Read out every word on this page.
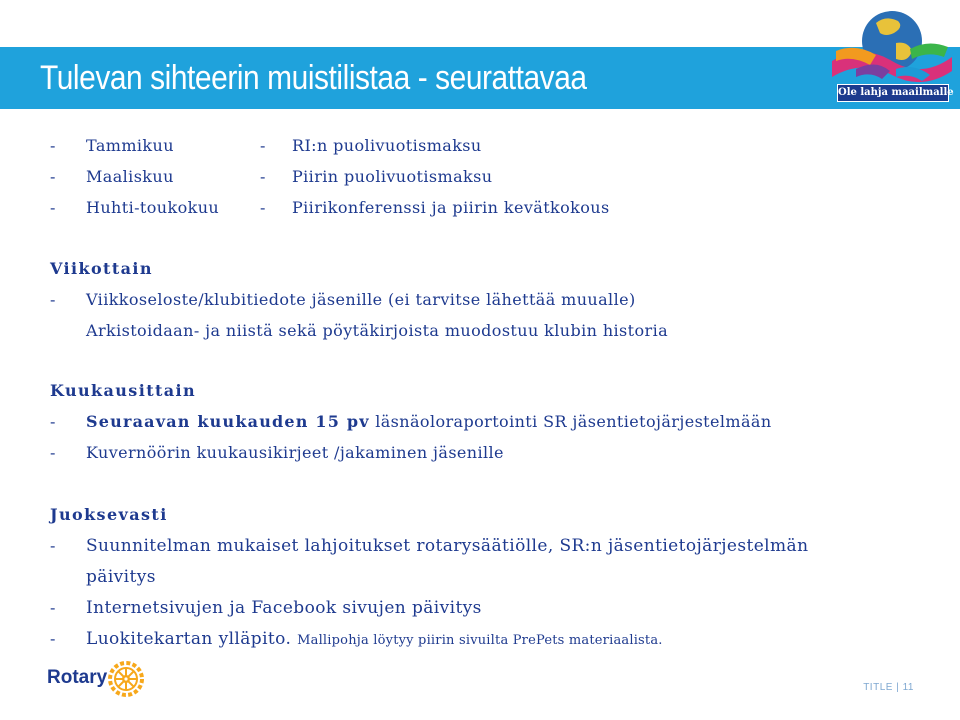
Tulevan sihteerin muistilistaa - seurattavaa	Ole lahja maailmalle
- Tammikuu	- RI:n puolivuotismaksu
- Maaliskuu	- Piirin puolivuotismaksu
- Huhti-toukokuu	- Piirikonferenssi ja piirin kevätkokous
Viikottain
- Viikkoseloste/klubitiedote jäsenille (ei tarvitse lähettää muualle)
Arkistoidaan- ja niistä sekä pöytäkirjoista muodostuu klubin historia
Kuukausittain
- Seuraavan kuukauden 15 pv läsnäoloraportointi SR jäsentietojärjestelmään
- Kuvernöörin kuukausikirjeet /jakaminen jäsenille
Juoksevasti
- Suunnitelman mukaiset lahjoitukset rotarysäätiölle, SR:n jäsentietojärjestelmän
päivitys
- Internetsivujen ja Facebook sivujen päivitys
- Luokitekartan ylläpito. Mallipohja löytyy piirin sivuilta PrePets materiaalista.
Rotary	TITLE | 11
